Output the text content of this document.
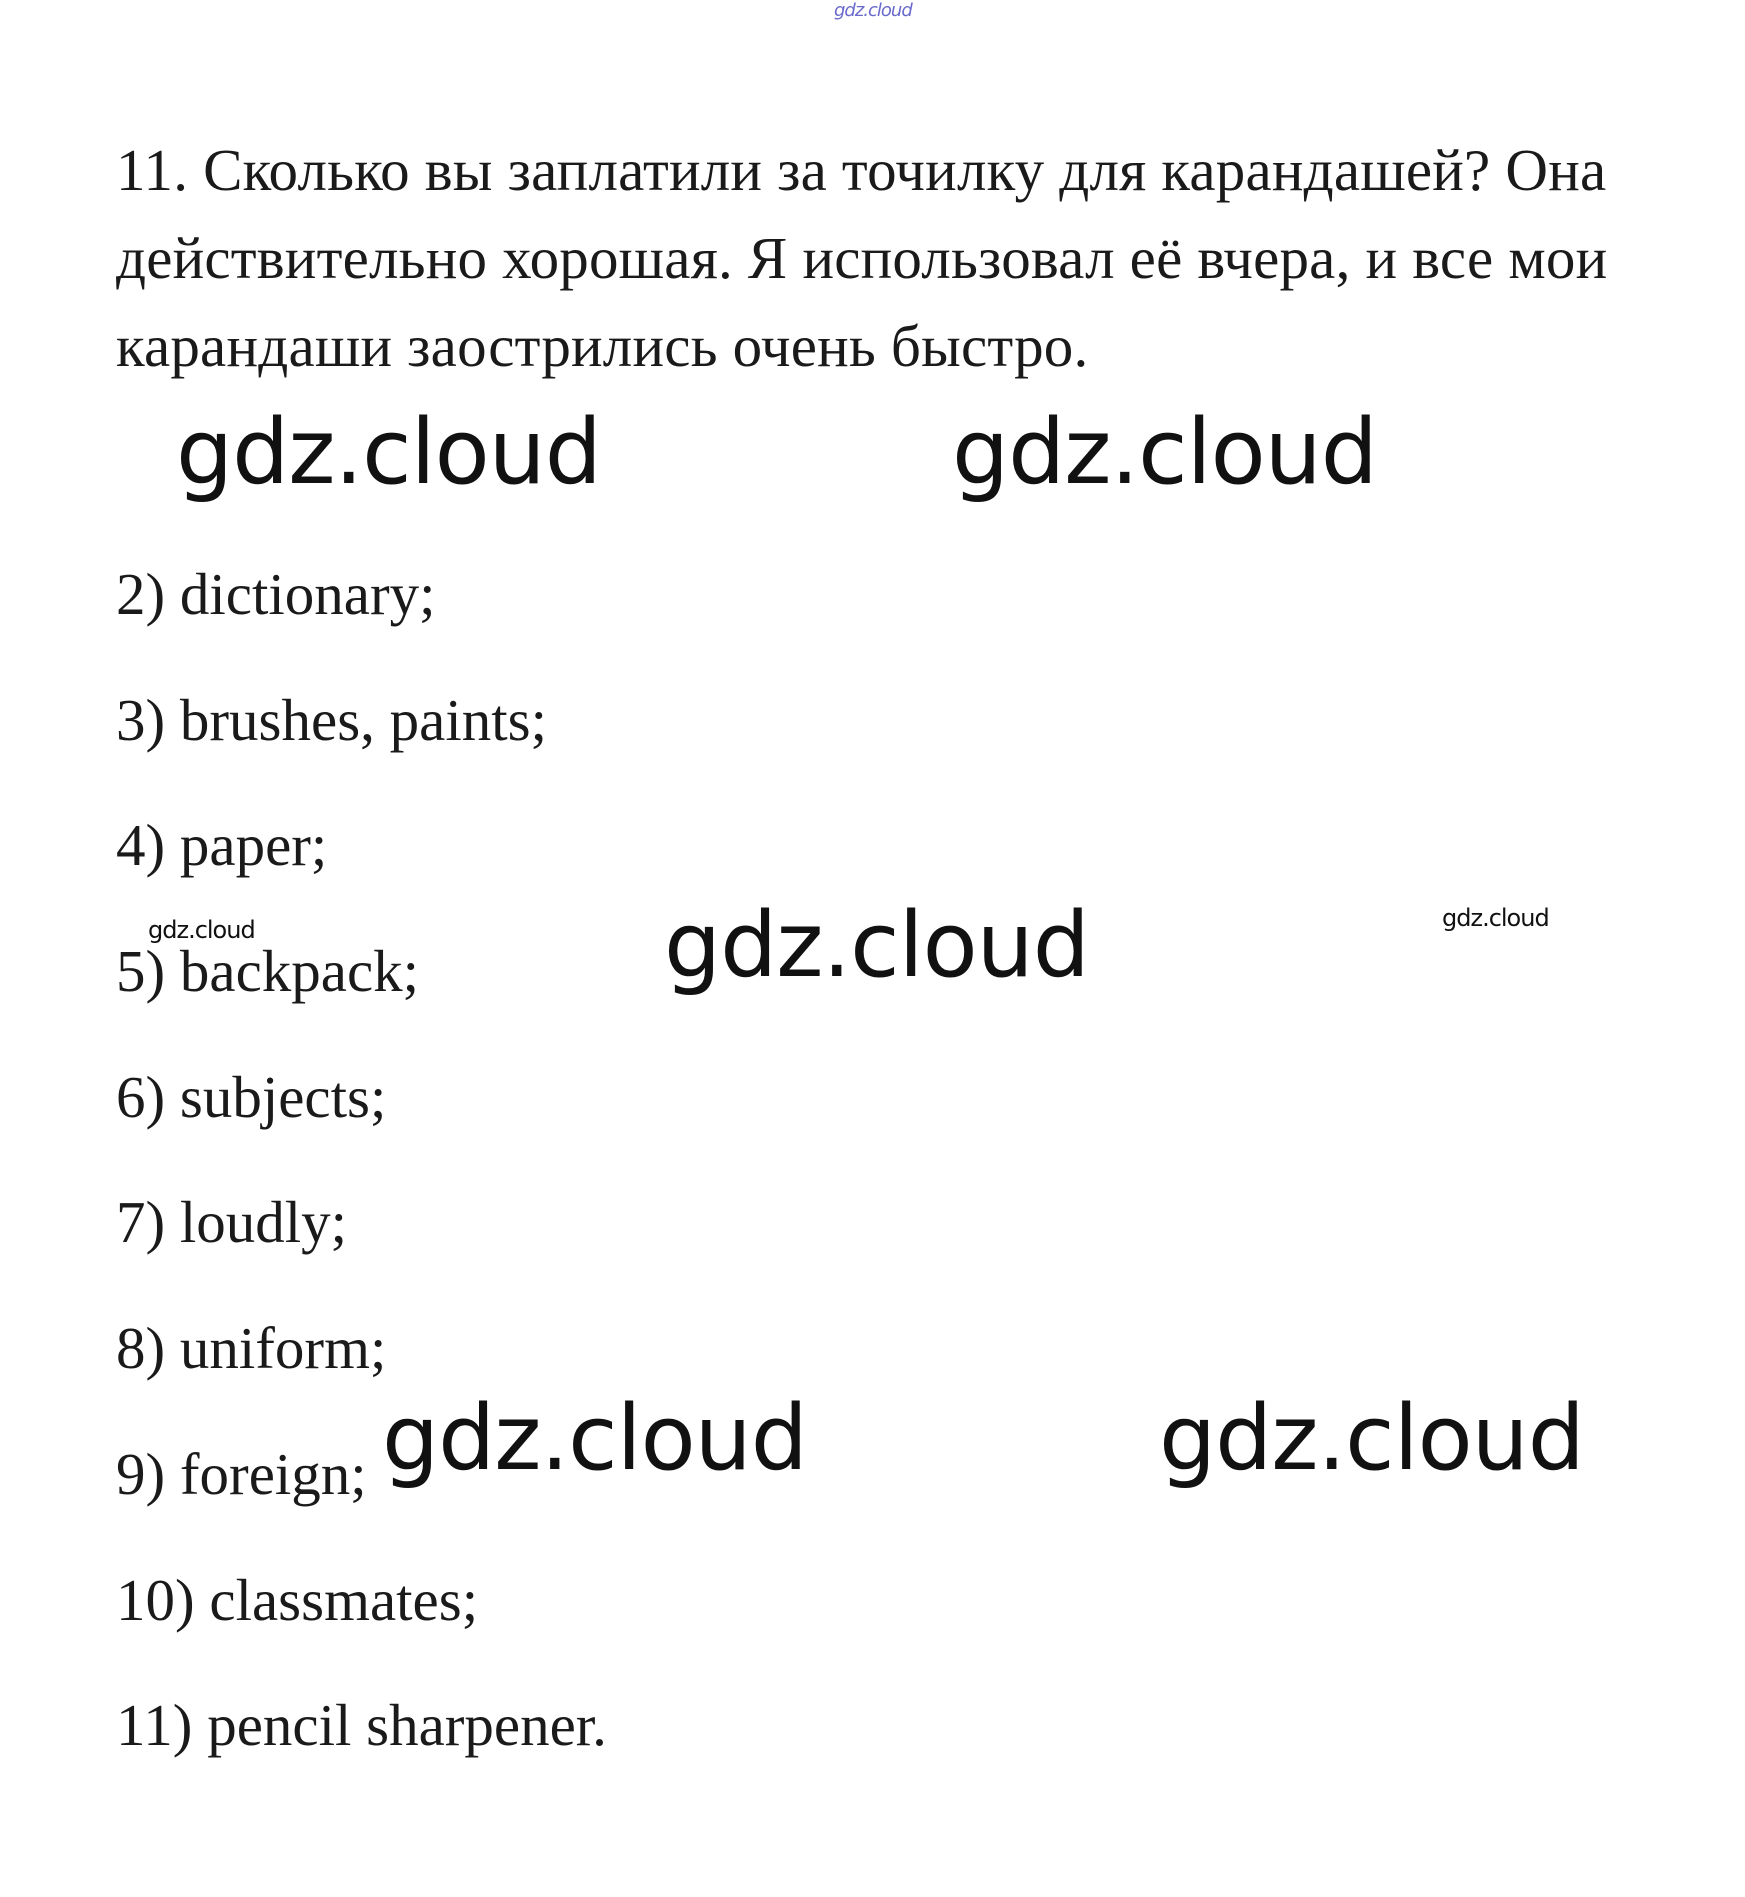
gdz.cloud

11. Сколько вы заплатили за точилку для карандашей? Она
действительно хорошая. Я использовал её вчера, и все мои
карандаши заострились очень быстро.

gdz.cloud	gdz.cloud
gdz.cloud
gdz.cloud	gdz.cloud
gdz.cloud	gdz.cloud

2) dictionary;

3) brushes, paints;

4) paper;

5) backpack;

6) subjects;

7) loudly;

8) uniform;

9) foreign;

10) classmates;

11) pencil sharpener.
